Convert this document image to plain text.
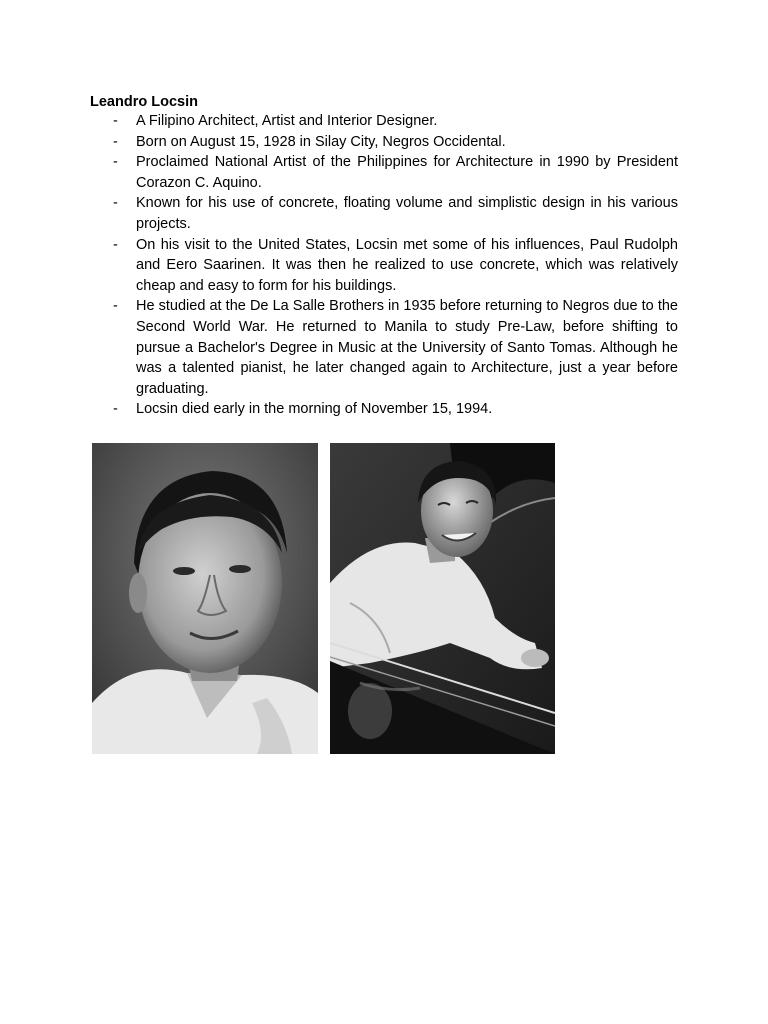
Leandro Locsin
- A Filipino Architect, Artist and Interior Designer.
- Born on August 15, 1928 in Silay City, Negros Occidental.
- Proclaimed National Artist of the Philippines for Architecture in 1990 by President Corazon C. Aquino.
- Known for his use of concrete, floating volume and simplistic design in his various projects.
- On his visit to the United States, Locsin met some of his influences, Paul Rudolph and Eero Saarinen. It was then he realized to use concrete, which was relatively cheap and easy to form for his buildings.
- He studied at the De La Salle Brothers in 1935 before returning to Negros due to the Second World War. He returned to Manila to study Pre-Law, before shifting to pursue a Bachelor's Degree in Music at the University of Santo Tomas. Although he was a talented pianist, he later changed again to Architecture, just a year before graduating.
- Locsin died early in the morning of November 15, 1994.
